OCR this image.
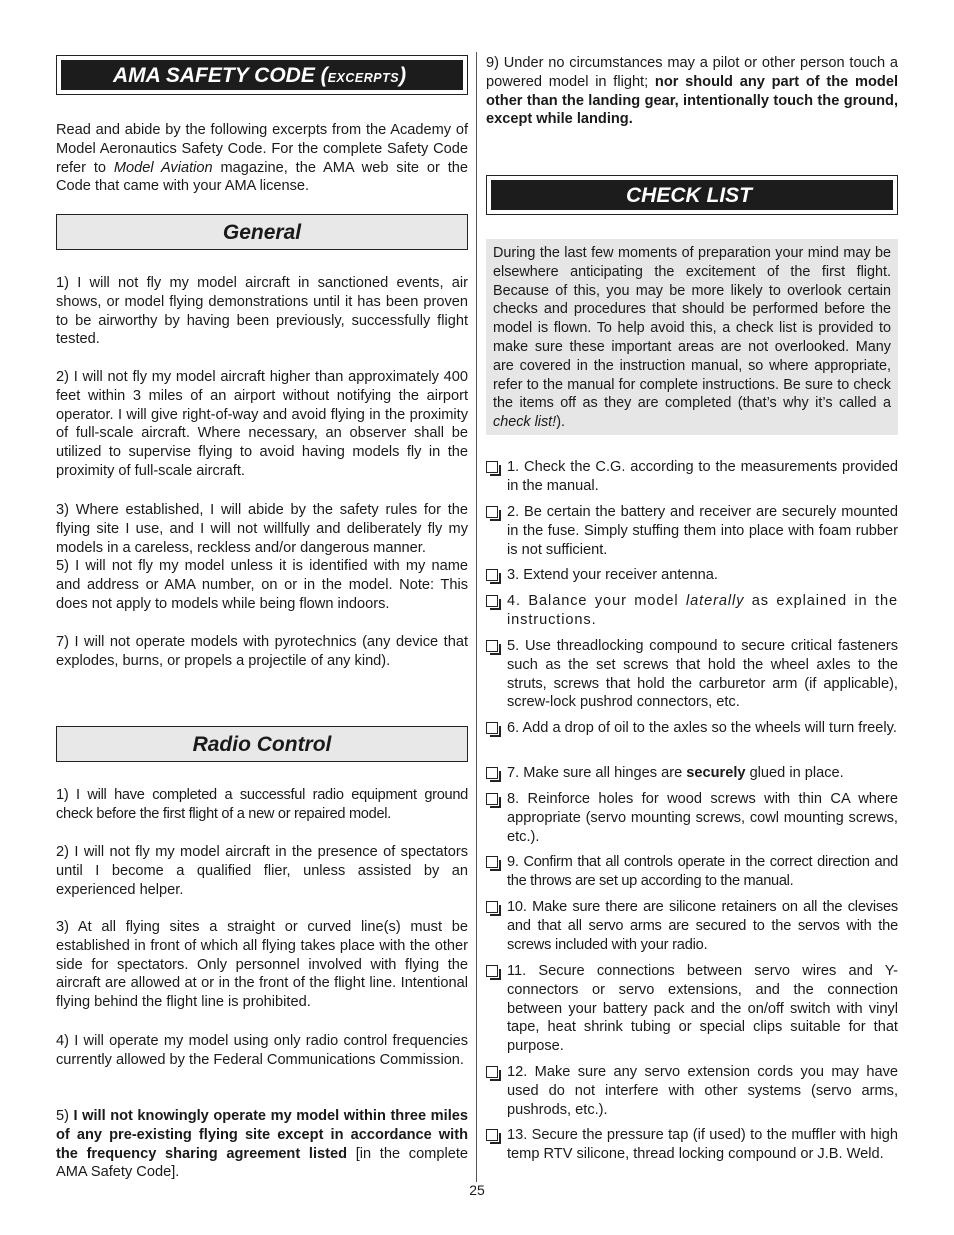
AMA SAFETY CODE (EXCERPTS)

Read and abide by the following excerpts from the Academy of Model Aeronautics Safety Code. For the complete Safety Code refer to Model Aviation magazine, the AMA web site or the Code that came with your AMA license.

General

1) I will not fly my model aircraft in sanctioned events, air shows, or model flying demonstrations until it has been proven to be airworthy by having been previously, successfully flight tested.

2) I will not fly my model aircraft higher than approximately 400 feet within 3 miles of an airport without notifying the airport operator. I will give right-of-way and avoid flying in the proximity of full-scale aircraft. Where necessary, an observer shall be utilized to supervise flying to avoid having models fly in the proximity of full-scale aircraft.

3) Where established, I will abide by the safety rules for the flying site I use, and I will not willfully and deliberately fly my models in a careless, reckless and/or dangerous manner.

5) I will not fly my model unless it is identified with my name and address or AMA number, on or in the model. Note: This does not apply to models while being flown indoors.

7) I will not operate models with pyrotechnics (any device that explodes, burns, or propels a projectile of any kind).

Radio Control

1) I will have completed a successful radio equipment ground check before the first flight of a new or repaired model.

2) I will not fly my model aircraft in the presence of spectators until I become a qualified flier, unless assisted by an experienced helper.

3) At all flying sites a straight or curved line(s) must be established in front of which all flying takes place with the other side for spectators. Only personnel involved with flying the aircraft are allowed at or in the front of the flight line. Intentional flying behind the flight line is prohibited.

4) I will operate my model using only radio control frequencies currently allowed by the Federal Communications Commission.

5) I will not knowingly operate my model within three miles of any pre-existing flying site except in accordance with the frequency sharing agreement listed [in the complete AMA Safety Code].

9) Under no circumstances may a pilot or other person touch a powered model in flight; nor should any part of the model other than the landing gear, intentionally touch the ground, except while landing.

CHECK LIST

During the last few moments of preparation your mind may be elsewhere anticipating the excitement of the first flight. Because of this, you may be more likely to overlook certain checks and procedures that should be performed before the model is flown. To help avoid this, a check list is provided to make sure these important areas are not overlooked. Many are covered in the instruction manual, so where appropriate, refer to the manual for complete instructions. Be sure to check the items off as they are completed (that’s why it’s called a check list!).

1. Check the C.G. according to the measurements provided in the manual.

2. Be certain the battery and receiver are securely mounted in the fuse. Simply stuffing them into place with foam rubber is not sufficient.

3. Extend your receiver antenna.

4. Balance your model laterally as explained in the instructions.

5. Use threadlocking compound to secure critical fasteners such as the set screws that hold the wheel axles to the struts, screws that hold the carburetor arm (if applicable), screw-lock pushrod connectors, etc.

6. Add a drop of oil to the axles so the wheels will turn freely.

7. Make sure all hinges are securely glued in place.

8. Reinforce holes for wood screws with thin CA where appropriate (servo mounting screws, cowl mounting screws, etc.).

9. Confirm that all controls operate in the correct direction and the throws are set up according to the manual.

10. Make sure there are silicone retainers on all the clevises and that all servo arms are secured to the servos with the screws included with your radio.

11. Secure connections between servo wires and Y-connectors or servo extensions, and the connection between your battery pack and the on/off switch with vinyl tape, heat shrink tubing or special clips suitable for that purpose.

12. Make sure any servo extension cords you may have used do not interfere with other systems (servo arms, pushrods, etc.).

13. Secure the pressure tap (if used) to the muffler with high temp RTV silicone, thread locking compound or J.B. Weld.

25
